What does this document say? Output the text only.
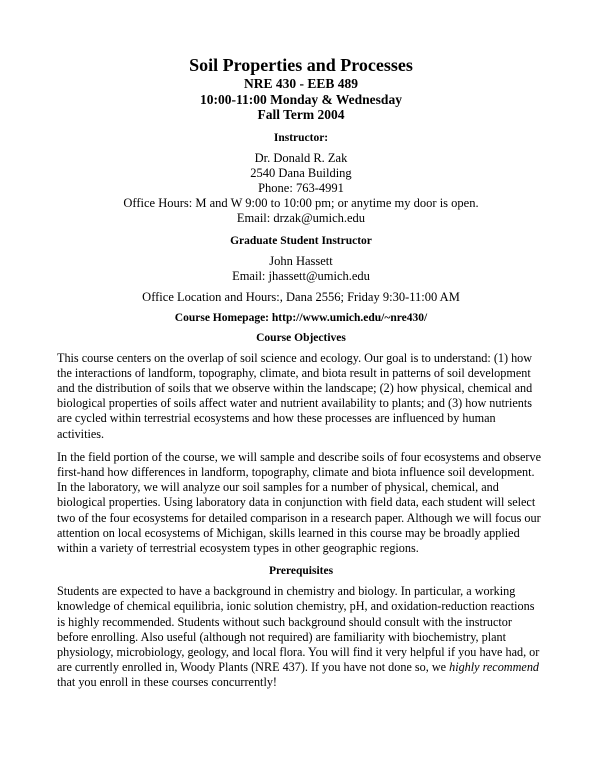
Soil Properties and Processes

NRE 430 - EEB 489

10:00-11:00 Monday & Wednesday

Fall Term 2004

Instructor:

Dr. Donald R. Zak

2540 Dana Building

Phone: 763-4991

Office Hours: M and W 9:00 to 10:00 pm; or anytime my door is open.

Email: drzak@umich.edu

Graduate Student Instructor

John Hassett

Email: jhassett@umich.edu

Office Location and Hours:, Dana 2556; Friday 9:30-11:00 AM

Course Homepage: http://www.umich.edu/~nre430/

Course Objectives

This course centers on the overlap of soil science and ecology. Our goal is to understand: (1) how the interactions of landform, topography, climate, and biota result in patterns of soil development and the distribution of soils that we observe within the landscape; (2) how physical, chemical and biological properties of soils affect water and nutrient availability to plants; and (3) how nutrients are cycled within terrestrial ecosystems and how these processes are influenced by human activities.

In the field portion of the course, we will sample and describe soils of four ecosystems and observe first-hand how differences in landform, topography, climate and biota influence soil development. In the laboratory, we will analyze our soil samples for a number of physical, chemical, and biological properties. Using laboratory data in conjunction with field data, each student will select two of the four ecosystems for detailed comparison in a research paper. Although we will focus our attention on local ecosystems of Michigan, skills learned in this course may be broadly applied within a variety of terrestrial ecosystem types in other geographic regions.

Prerequisites

Students are expected to have a background in chemistry and biology. In particular, a working knowledge of chemical equilibria, ionic solution chemistry, pH, and oxidation-reduction reactions is highly recommended. Students without such background should consult with the instructor before enrolling. Also useful (although not required) are familiarity with biochemistry, plant physiology, microbiology, geology, and local flora. You will find it very helpful if you have had, or are currently enrolled in, Woody Plants (NRE 437). If you have not done so, we highly recommend that you enroll in these courses concurrently!
